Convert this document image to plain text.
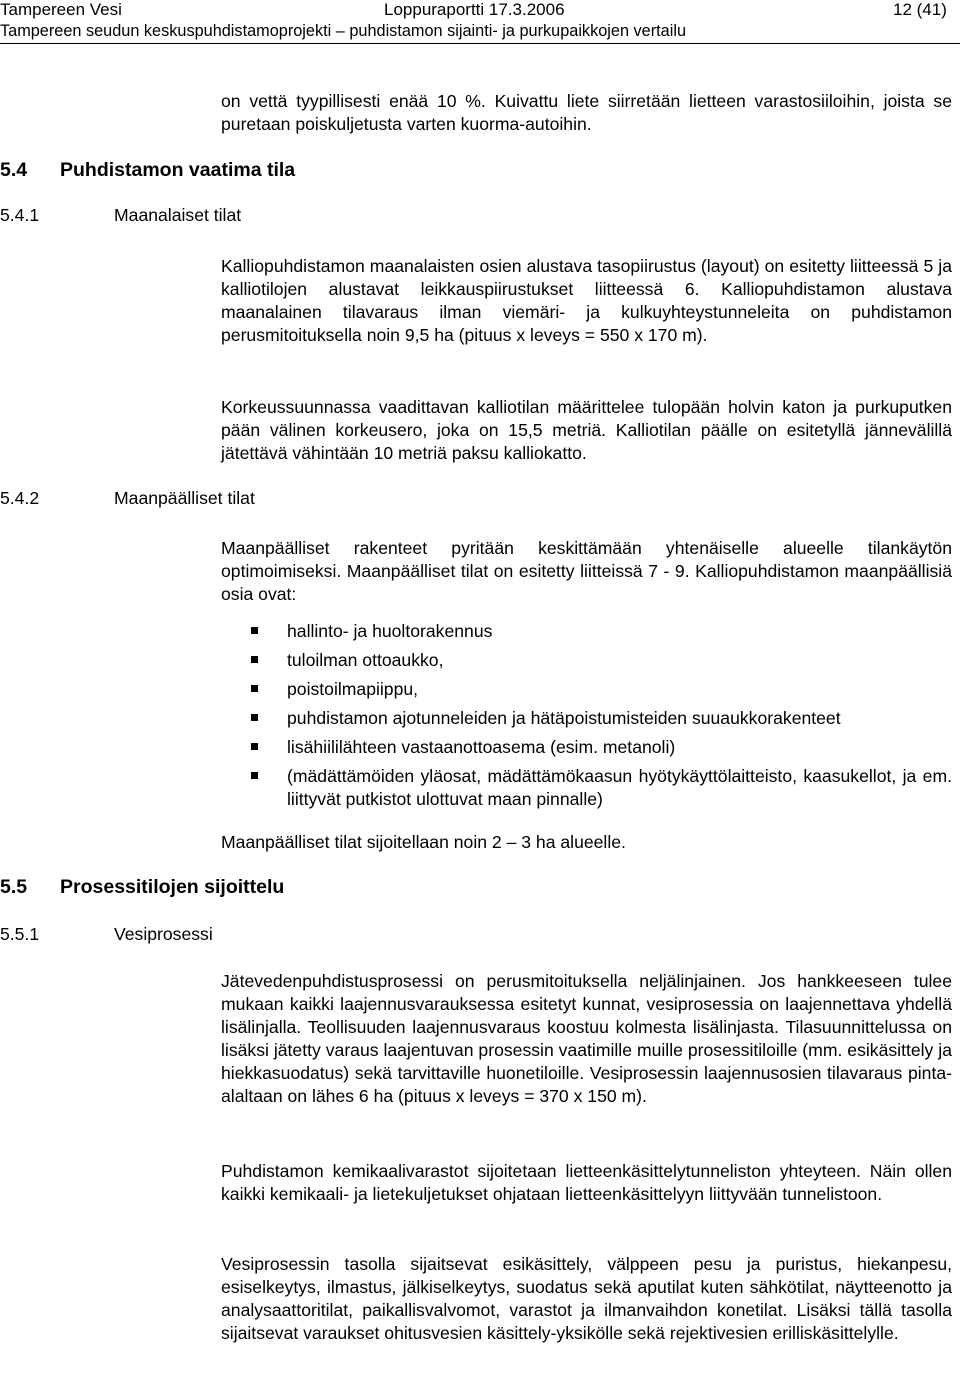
Tampereen Vesi	Loppuraportti 17.3.2006	12 (41)
Tampereen seudun keskuspuhdistamoprojekti – puhdistamon sijainti- ja purkupaikkojen vertailu

on vettä tyypillisesti enää 10 %. Kuivattu liete siirretään lietteen varastosiiloihin, joista se puretaan poiskuljetusta varten kuorma-autoihin.

5.4 Puhdistamon vaatima tila
5.4.1	Maanalaiset tilat

Kalliopuhdistamon maanalaisten osien alustava tasopiirustus (layout) on esitetty liitteessä 5 ja kalliotilojen alustavat leikkauspiirustukset liitteessä 6. Kalliopuhdistamon alustava maanalainen tilavaraus ilman viemäri- ja kulkuyhteystunneleita on puhdistamon perusmitoituksella noin 9,5 ha (pituus x leveys = 550 x 170 m).

Korkeussuunnassa vaadittavan kalliotilan määrittelee tulopään holvin katon ja purkuputken pään välinen korkeusero, joka on 15,5 metriä. Kalliotilan päälle on esitetyllä jännevälillä jätettävä vähintään 10 metriä paksu kalliokatto.

5.4.2	Maanpäälliset tilat

Maanpäälliset rakenteet pyritään keskittämään yhtenäiselle alueelle tilankäytön optimoimiseksi. Maanpäälliset tilat on esitetty liitteissä 7 - 9. Kalliopuhdistamon maanpäällisiä osia ovat:

hallinto- ja huoltorakennus
tuloilman ottoaukko,
poistoilmapiippu,
puhdistamon ajotunneleiden ja hätäpoistumisteiden suuaukkorakenteet
lisähiililähteen vastaanottoasema (esim. metanoli)
(mädättämöiden yläosat, mädättämökaasun hyötykäyttölaitteisto, kaasukellot, ja em. liittyvät putkistot ulottuvat maan pinnalle)

Maanpäälliset tilat sijoitellaan noin 2 – 3 ha alueelle.

5.5 Prosessitilojen sijoittelu
5.5.1	Vesiprosessi

Jätevedenpuhdistusprosessi on perusmitoituksella neljälinjainen. Jos hankkeeseen tulee mukaan kaikki laajennusvarauksessa esitetyt kunnat, vesiprosessia on laajennettava yhdellä lisälinjalla. Teollisuuden laajennusvaraus koostuu kolmesta lisälinjasta. Tilasuunnittelussa on lisäksi jätetty varaus laajentuvan prosessin vaatimille muille prosessitiloille (mm. esikäsittely ja hiekkasuodatus) sekä tarvittaville huonetiloille. Vesiprosessin laajennusosien tilavaraus pinta-alaltaan on lähes 6 ha (pituus x leveys = 370 x 150 m).

Puhdistamon kemikaalivarastot sijoitetaan lietteenkäsittelytunneliston yhteyteen. Näin ollen kaikki kemikaali- ja lietekuljetukset ohjataan lietteenkäsittelyyn liittyvään tunnelistoon.

Vesiprosessin tasolla sijaitsevat esikäsittely, välppeen pesu ja puristus, hiekanpesu, esiselkeytys, ilmastus, jälkiselkeytys, suodatus sekä aputilat kuten sähkötilat, näytteenotto ja analysaattoritilat, paikallisvalvomot, varastot ja ilmanvaihdon konetilat. Lisäksi tällä tasolla sijaitsevat varaukset ohitusvesien käsittely-yksikölle sekä rejektivesien erilliskäsittelylle.
